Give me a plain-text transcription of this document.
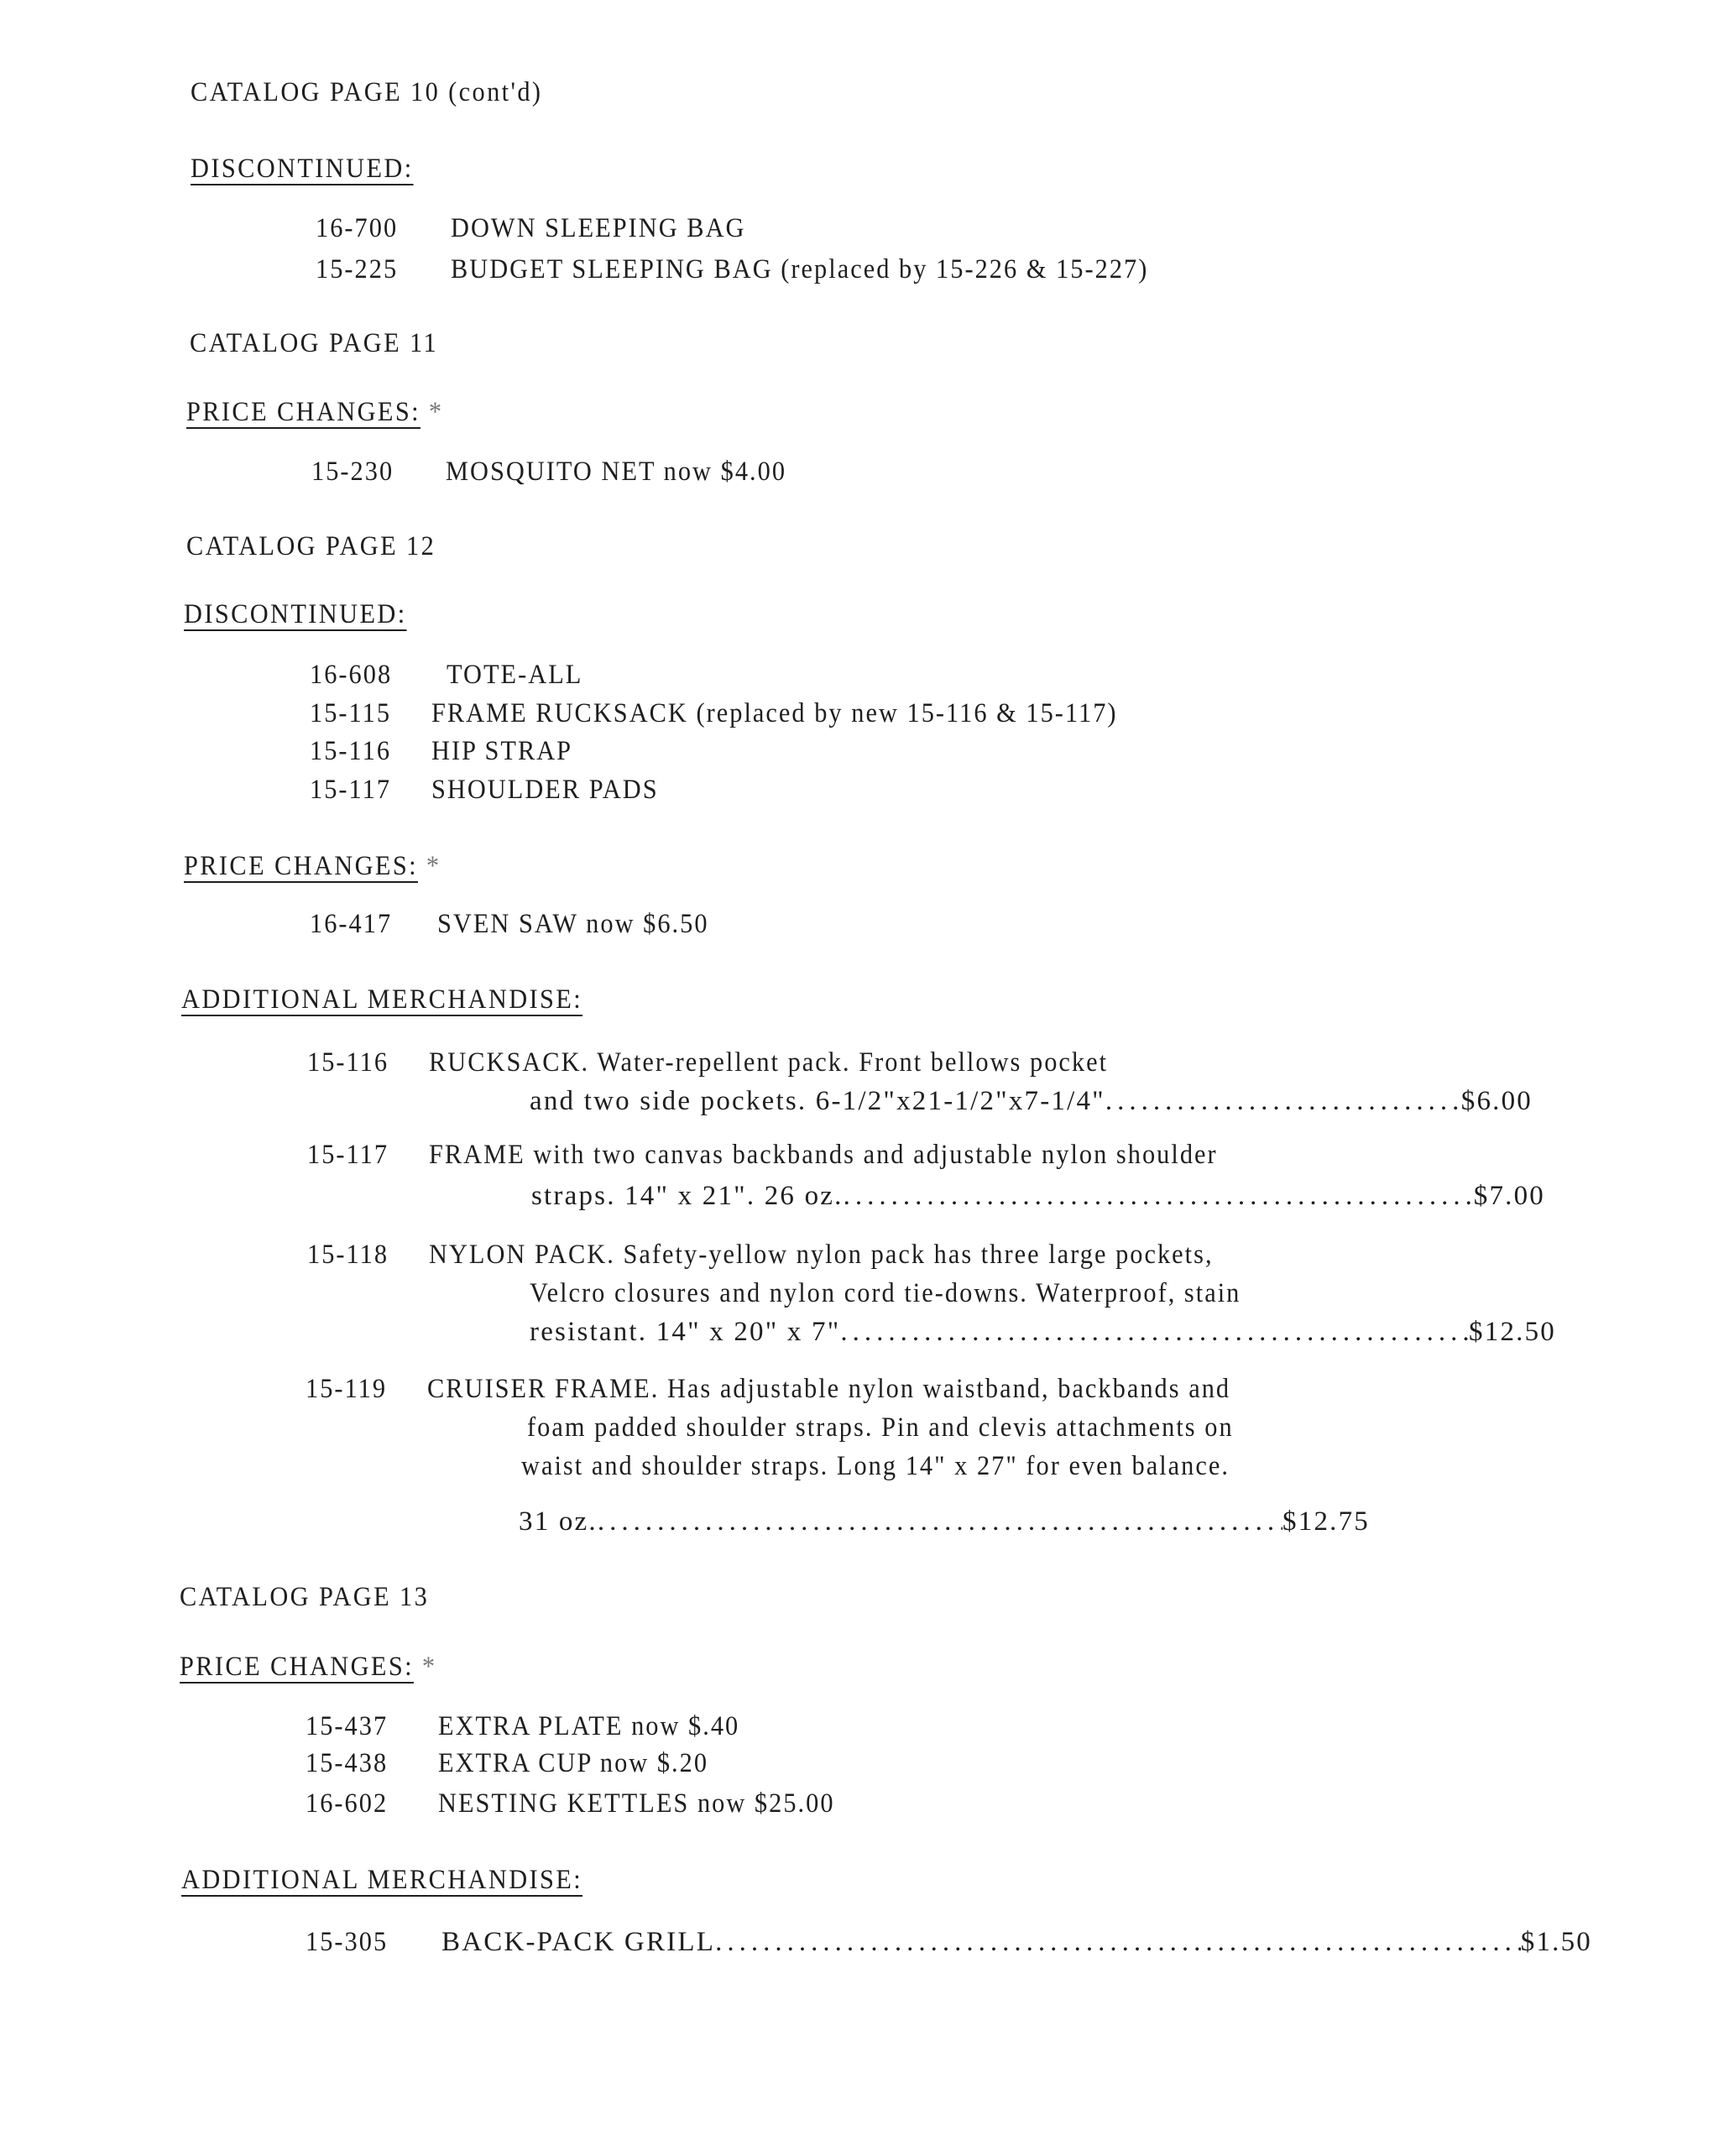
CATALOG PAGE 10 (cont'd)
DISCONTINUED:
16-700 DOWN SLEEPING BAG
15-225 BUDGET SLEEPING BAG (replaced by 15-226 & 15-227)
CATALOG PAGE 11
PRICE CHANGES: *
15-230 MOSQUITO NET now $4.00
CATALOG PAGE 12
DISCONTINUED:
16-608 TOTE-ALL
15-115 FRAME RUCKSACK (replaced by new 15-116 & 15-117)
15-116 HIP STRAP
15-117 SHOULDER PADS
PRICE CHANGES: *
16-417 SVEN SAW now $6.50
ADDITIONAL MERCHANDISE:
15-116 RUCKSACK. Water-repellent pack. Front bellows pocket
and two side pockets. 6-1/2"x21-1/2"x7-1/4" .....	$6.00
15-117 FRAME with two canvas backbands and adjustable nylon shoulder
straps. 14" x 21". 26 oz. .....	$7.00
15-118 NYLON PACK. Safety-yellow nylon pack has three large pockets,
Velcro closures and nylon cord tie-downs. Waterproof, stain
resistant. 14" x 20" x 7" .....	$12.50
15-119 CRUISER FRAME. Has adjustable nylon waistband, backbands and
foam padded shoulder straps. Pin and clevis attachments on
waist and shoulder straps. Long 14" x 27" for even balance.
31 oz. .....	$12.75
CATALOG PAGE 13
PRICE CHANGES: *
15-437 EXTRA PLATE now $.40
15-438 EXTRA CUP now $.20
16-602 NESTING KETTLES now $25.00
ADDITIONAL MERCHANDISE:
15-305 BACK-PACK GRILL .....	$1.50
